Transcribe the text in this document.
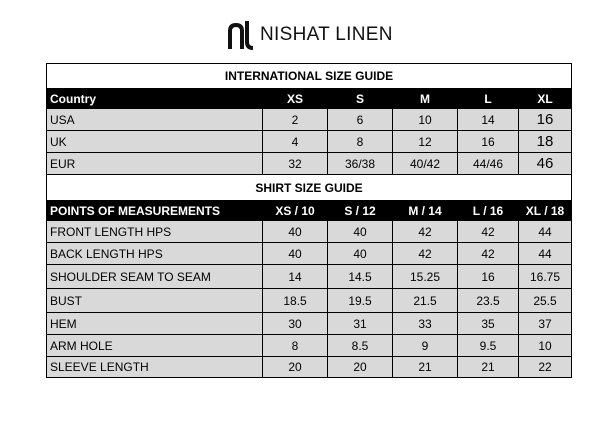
NISHAT LINEN
INTERNATIONAL SIZE GUIDE					
Country	XS	S	M	L	XL
USA	2	6	10	14	16
UK	4	8	12	16	18
EUR	32	36/38	40/42	44/46	46
SHIRT SIZE GUIDE					
POINTS OF MEASUREMENTS	XS / 10	S / 12	M / 14	L / 16	XL / 18
FRONT LENGTH HPS	40	40	42	42	44
BACK LENGTH HPS	40	40	42	42	44
SHOULDER SEAM TO SEAM	14	14.5	15.25	16	16.75
BUST	18.5	19.5	21.5	23.5	25.5
HEM	30	31	33	35	37
ARM HOLE	8	8.5	9	9.5	10
SLEEVE LENGTH	20	20	21	21	22
